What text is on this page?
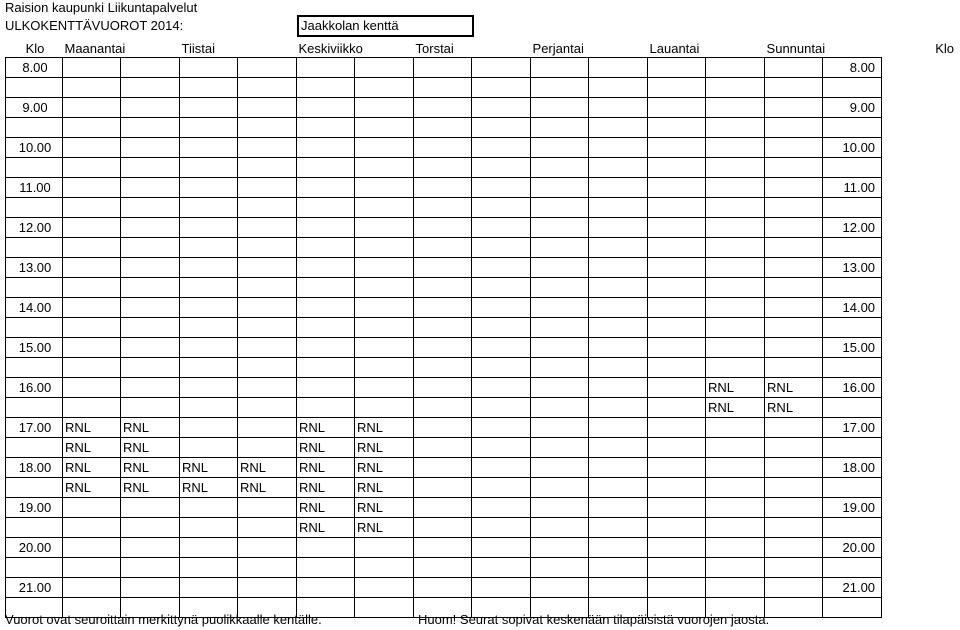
Raision kaupunki Liikuntapalvelut
ULKOKENTTÄVUOROT 2014:	Jaakkolan kenttä
Klo	Maanantai		Tiistai		Keskiviikko		Torstai		Perjantai		Lauantai		Sunnuntai		Klo
8.00														8.00	

9.00														9.00	

10.00														10.00	

11.00														11.00	

12.00														12.00	

13.00														13.00	

14.00														14.00	

15.00														15.00	

16.00												RNL	RNL	16.00	
												RNL	RNL		
17.00	RNL	RNL			RNL	RNL								17.00	
	RNL	RNL			RNL	RNL									
18.00	RNL	RNL	RNL	RNL	RNL	RNL								18.00	
	RNL	RNL	RNL	RNL	RNL	RNL									
19.00					RNL	RNL								19.00	
					RNL	RNL									
20.00														20.00	

21.00														21.00	

Vuorot ovat seuroittain merkittynä puolikkaalle kentälle.	Huom! Seurat sopivat keskenään tilapäisistä vuorojen jaosta.
